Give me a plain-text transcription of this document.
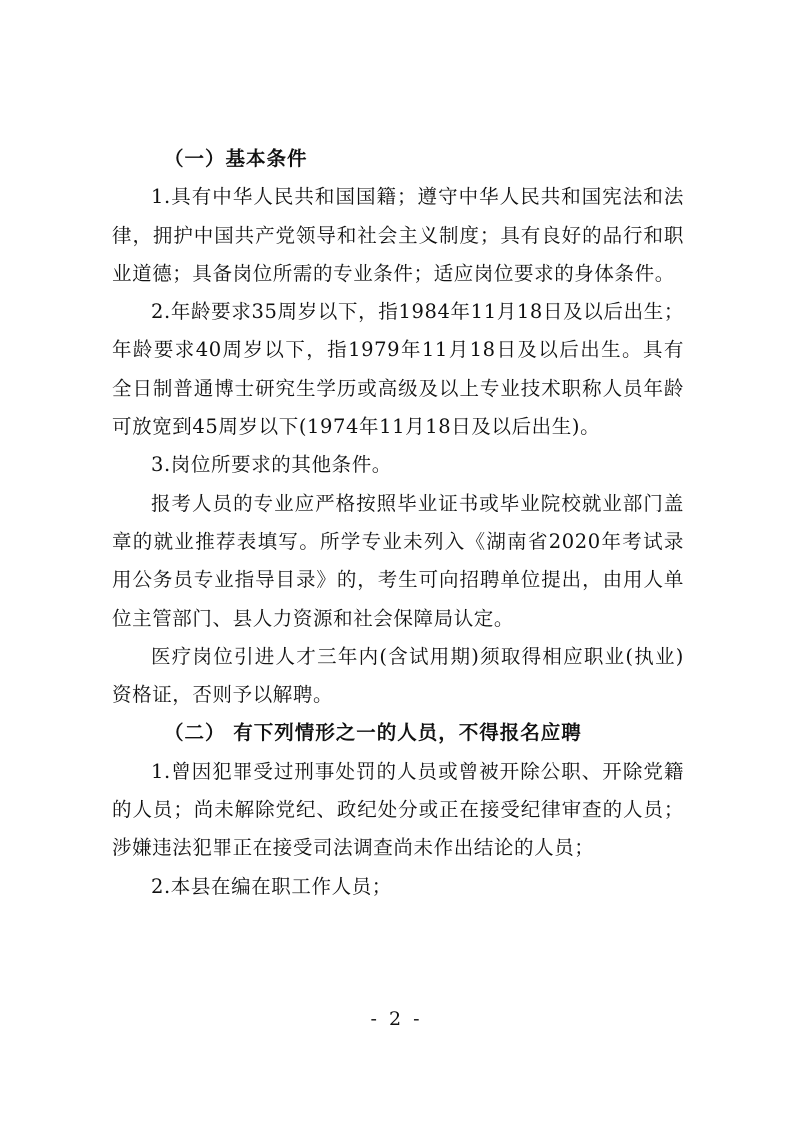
（一）基本条件

1.具有中华人民共和国国籍；遵守中华人民共和国宪法和法律，拥护中国共产党领导和社会主义制度；具有良好的品行和职业道德；具备岗位所需的专业条件；适应岗位要求的身体条件。

2.年龄要求35周岁以下，指1984年11月18日及以后出生；年龄要求40周岁以下，指1979年11月18日及以后出生。具有全日制普通博士研究生学历或高级及以上专业技术职称人员年龄可放宽到45周岁以下(1974年11月18日及以后出生)。

3.岗位所要求的其他条件。

报考人员的专业应严格按照毕业证书或毕业院校就业部门盖章的就业推荐表填写。所学专业未列入《湖南省2020年考试录用公务员专业指导目录》的，考生可向招聘单位提出，由用人单位主管部门、县人力资源和社会保障局认定。

医疗岗位引进人才三年内(含试用期)须取得相应职业(执业)资格证，否则予以解聘。

（二） 有下列情形之一的人员，不得报名应聘

1.曾因犯罪受过刑事处罚的人员或曾被开除公职、开除党籍的人员；尚未解除党纪、政纪处分或正在接受纪律审查的人员；涉嫌违法犯罪正在接受司法调查尚未作出结论的人员；

2.本县在编在职工作人员；

- 2 -
